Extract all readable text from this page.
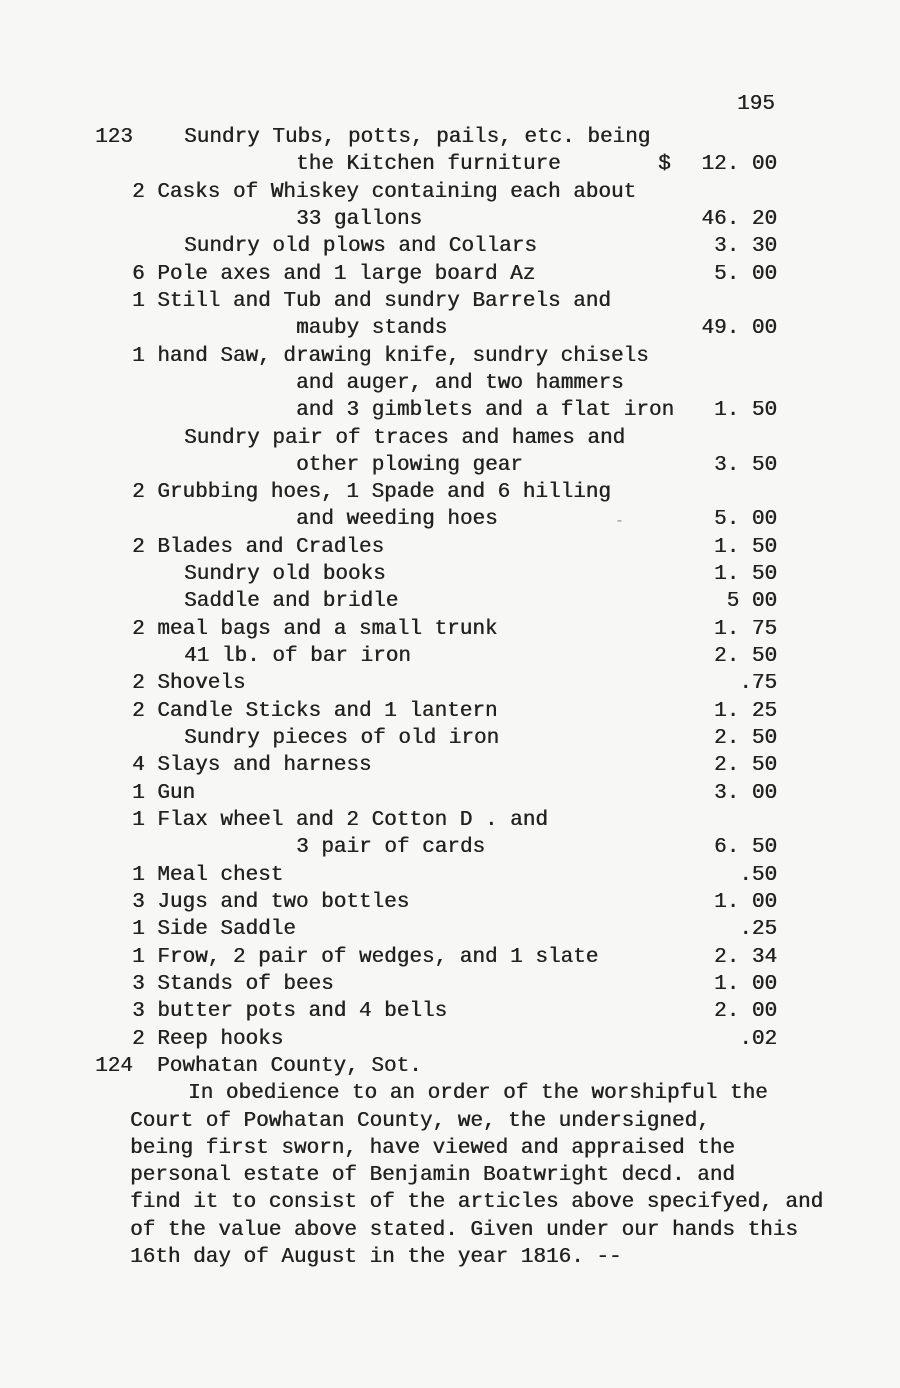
195
123 Sundry Tubs, potts, pails, etc. being
the Kitchen furniture	$ 12. 00
2 Casks of Whiskey containing each about
33 gallons	46. 20
Sundry old plows and Collars	3. 30
6 Pole axes and 1 large board Az	5. 00
1 Still and Tub and sundry Barrels and
mauby stands	49. 00
1 hand Saw, drawing knife, sundry chisels
and auger, and two hammers
and 3 gimblets and a flat iron 1. 50
Sundry pair of traces and hames and
other plowing gear	3. 50
2 Grubbing hoes, 1 Spade and 6 hilling
and weeding hoes	-	5. 00
2 Blades and Cradles	1. 50
Sundry old books	1. 50
Saddle and bridle	5 00
2 meal bags and a small trunk	1. 75
41 lb. of bar iron	2. 50
2 Shovels	.75
2 Candle Sticks and 1 lantern	1. 25
Sundry pieces of old iron	2. 50
4 Slays and harness	2. 50
1 Gun	3. 00
1 Flax wheel and 2 Cotton D . and
3 pair of cards	6. 50
1 Meal chest	.50
3 Jugs and two bottles	1. 00
1 Side Saddle	.25
1 Frow, 2 pair of wedges, and 1 slate	2. 34
3 Stands of bees	1. 00
3 butter pots and 4 bells	2. 00
2 Reep hooks	.02
124 Powhatan County, Sot.
In obedience to an order of the worshipful the
Court of Powhatan County, we, the undersigned,
being first sworn, have viewed and appraised the
personal estate of Benjamin Boatwright decd. and
find it to consist of the articles above specifyed, and
of the value above stated. Given under our hands this
16th day of August in the year 1816. --
